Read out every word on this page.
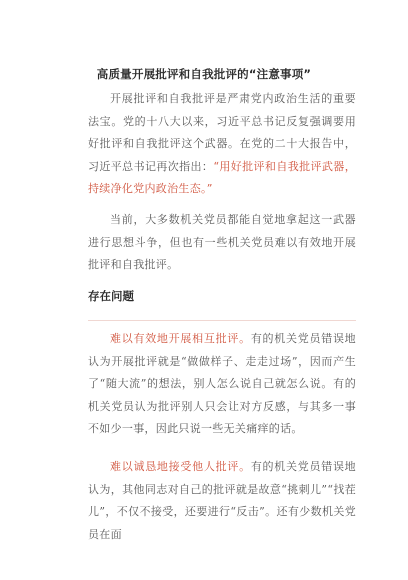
高质量开展批评和自我批评的“注意事项”

开展批评和自我批评是严肃党内政治生活的重要法宝。党的十八大以来，习近平总书记反复强调要用好批评和自我批评这个武器。在党的二十大报告中，习近平总书记再次指出：“用好批评和自我批评武器，持续净化党内政治生态。”

当前，大多数机关党员都能自觉地拿起这一武器进行思想斗争，但也有一些机关党员难以有效地开展批评和自我批评。

存在问题

难以有效地开展相互批评。有的机关党员错误地认为开展批评就是“做做样子、走走过场”，因而产生了“随大流”的想法，别人怎么说自己就怎么说。有的机关党员认为批评别人只会让对方反感，与其多一事不如少一事，因此只说一些无关痛痒的话。

难以诚恳地接受他人批评。有的机关党员错误地认为，其他同志对自己的批评就是故意“挑刺儿”“找茬儿”，不仅不接受，还要进行“反击”。还有少数机关党员在面
